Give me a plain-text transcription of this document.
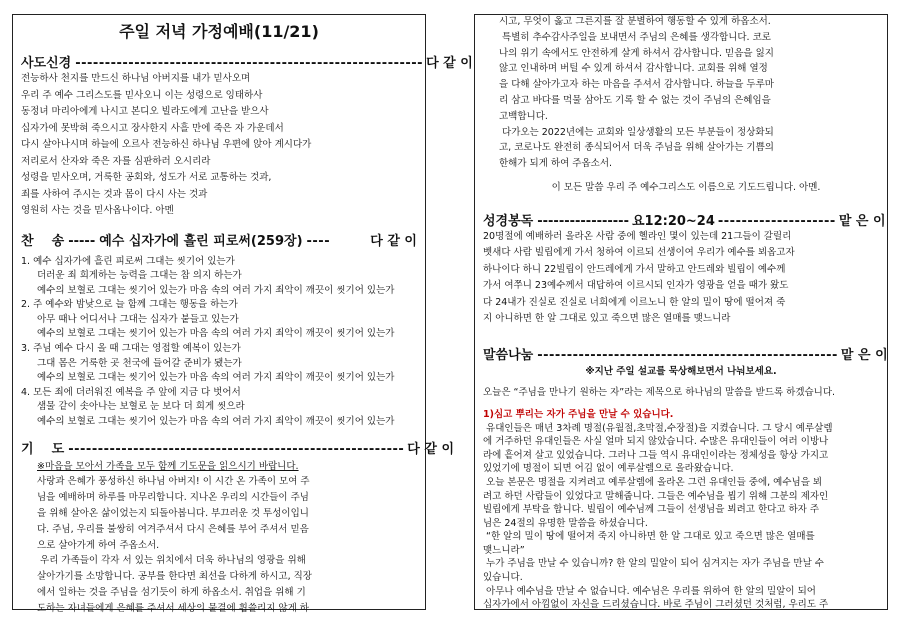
주일 저녁 가정예배(11/21)
사도신경 ----------------------------------------------------------- 다 같 이
전능하사 천지를 만드신 하나님 아버지를 내가 믿사오며
우리 주 예수 그리스도를 믿사오니 이는 성령으로 잉태하사
동정녀 마리아에게 나시고 본디오 빌라도에게 고난을 받으사
십자가에 못박혀 죽으시고 장사한지 사흘 만에 죽은 자 가운데서
다시 살아나시며 하늘에 오르사 전능하신 하나님 우편에 앉아 계시다가
저리로서 산자와 죽은 자를 심판하러 오시리라
성령을 믿사오며, 거룩한 공회와, 성도가 서로 교통하는 것과,
죄를 사하여 주시는 것과 몸이 다시 사는 것과
영원히 사는 것을 믿사옵나이다. 아멘
찬    송 ----- 예수 십자가에 흘린 피로써(259장) ----	다 같 이
1. 예수 십자가에 흘린 피로써 그대는 씻기어 있는가
더러운 죄 희게하는 능력을 그대는 참 의지 하는가
예수의 보혈로 그대는 씻기어 있는가 마음 속의 여러 가지 죄악이 깨끗이 씻기어 있는가
2. 주 예수와 밤낮으로 늘 함께 그대는 행동을 하는가
아무 때나 어디서나 그대는 십자가 붙들고 있는가
예수의 보혈로 그대는 씻기어 있는가 마음 속의 여러 가지 죄악이 깨끗이 씻기어 있는가
3. 주님 예수 다시 올 때 그대는 영접할 예복이 있는가
그대 몸은 거룩한 곳 천국에 들어갈 준비가 됐는가
예수의 보혈로 그대는 씻기어 있는가 마음 속의 여러 가지 죄악이 깨끗이 씻기어 있는가
4. 모든 죄에 더러워진 예복을 주 앞에 지금 다 벗어서
샘물 같이 솟아나는 보혈로 눈 보다 더 희게 씻으라
예수의 보혈로 그대는 씻기어 있는가 마음 속의 여러 가지 죄악이 깨끗이 씻기어 있는가
기    도 --------------------------------------------------------- 다 같 이
※마음을 모아서 가족을 모두 함께 기도문을 읽으시기 바랍니다.
사랑과 은혜가 풍성하신 하나님 아버지! 이 시간 온 가족이 모여 주
님을 예배하며 하루를 마무리합니다. 지나온 우리의 시간들이 주님
을 위해 살아온 삶이었는지 되돌아봅니다. 부끄러운 것 투성이입니
다. 주님, 우리를 불쌍히 여겨주셔서 다시 은혜를 부어 주셔서 믿음
으로 살아가게 하여 주옵소서.
우리 가족들이 각자 서 있는 위치에서 더욱 하나님의 영광을 위해
살아가기를 소망합니다. 공부를 한다면 최선을 다하게 하시고, 직장
에서 일하는 것을 주님을 섬기듯이 하게 하옵소서. 취업을 위해 기
도하는 자녀들에게 은혜를 주셔서 세상의 물결에 휩쓸리지 않게 하
시고, 무엇이 옳고 그른지를 잘 분별하여 행동할 수 있게 하옵소서.
특별히 추수감사주일을 보내면서 주님의 은혜를 생각합니다. 코로
나의 위기 속에서도 안전하게 살게 하셔서 감사합니다. 믿음을 잃지
않고 인내하며 버틸 수 있게 하셔서 감사합니다. 교회를 위해 열정
을 다해 살아가고자 하는 마음을 주셔서 감사합니다. 하늘을 두루마
리 삼고 바다를 먹물 삼아도 기록 할 수 없는 것이 주님의 은혜임을
고백합니다.
다가오는 2022년에는 교회와 일상생활의 모든 부분들이 정상화되
고, 코로나도 완전히 종식되어서 더욱 주님을 위해 살아가는 기쁨의
한해가 되게 하여 주옵소서.
이 모든 말씀 우리 주 예수그리스도 이름으로 기도드립니다. 아멘.
성경봉독 ----------------- 요12:20~24 -------------------- 맡 은 이
20명절에 예배하러 올라온 사람 중에 헬라인 몇이 있는데 21그들이 갈릴리
벳새다 사람 빌립에게 가서 청하여 이르되 선생이여 우리가 예수를 뵈옵고자
하나이다 하니 22빌립이 안드레에게 가서 말하고 안드레와 빌립이 예수께
가서 여쭈니 23예수께서 대답하여 이르시되 인자가 영광을 얻을 때가 왔도
다 24내가 진실로 진실로 너희에게 이르노니 한 알의 밀이 땅에 떨어져 죽
지 아니하면 한 알 그대로 있고 죽으면 많은 열매를 맺느니라
말씀나눔 --------------------------------------------------- 맡 은 이
※지난 주일 설교를 묵상해보면서 나눠보세요.
오늘은 “주님을 만나기 원하는 자”라는 제목으로 하나님의 말씀을 받드록 하겠습니다.
1)심고 뿌리는 자가 주님을 만날 수 있습니다.
유대인들은 매년 3차례 명절(유월절,초막절,수장절)을 지켰습니다. 그 당시 예루살렘
에 거주하던 유대인들은 사실 얼마 되지 않았습니다. 수많은 유대인들이 여러 이방나
라에 흩어져 살고 있었습니다. 그러나 그들 역시 유대인이라는 정체성을 항상 가지고
있었기에 명절이 되면 어김 없이 예루살렘으로 올라왔습니다.
오늘 본문은 명절을 지켜려고 예루살렘에 올라온 그런 유대인들 중에, 예수님을 뵈
려고 하던 사람들이 있었다고 말해줍니다. 그들은 예수님을 뵙기 위해 그분의 제자인
빌립에게 부탁을 합니다. 빌립이 예수님께 그들이 선생님을 뵈려고 한다고 하자 주
님은 24절의 유명한 말씀을 하셨습니다.
“한 알의 밀이 땅에 떨어져 죽지 아니하면 한 알 그대로 있고 죽으면 많은 열매를
맺느니라”
누가 주님을 만날 수 있습니까? 한 알의 밀알이 되어 심겨지는 자가 주님을 만날 수
있습니다.
아무나 예수님을 만날 수 없습니다. 예수님은 우리를 위하여 한 알의 밀알이 되어
십자가에서 아낌없이 자신을 드리셨습니다. 바로 주님이 그러셨던 것처럼, 우리도 주
